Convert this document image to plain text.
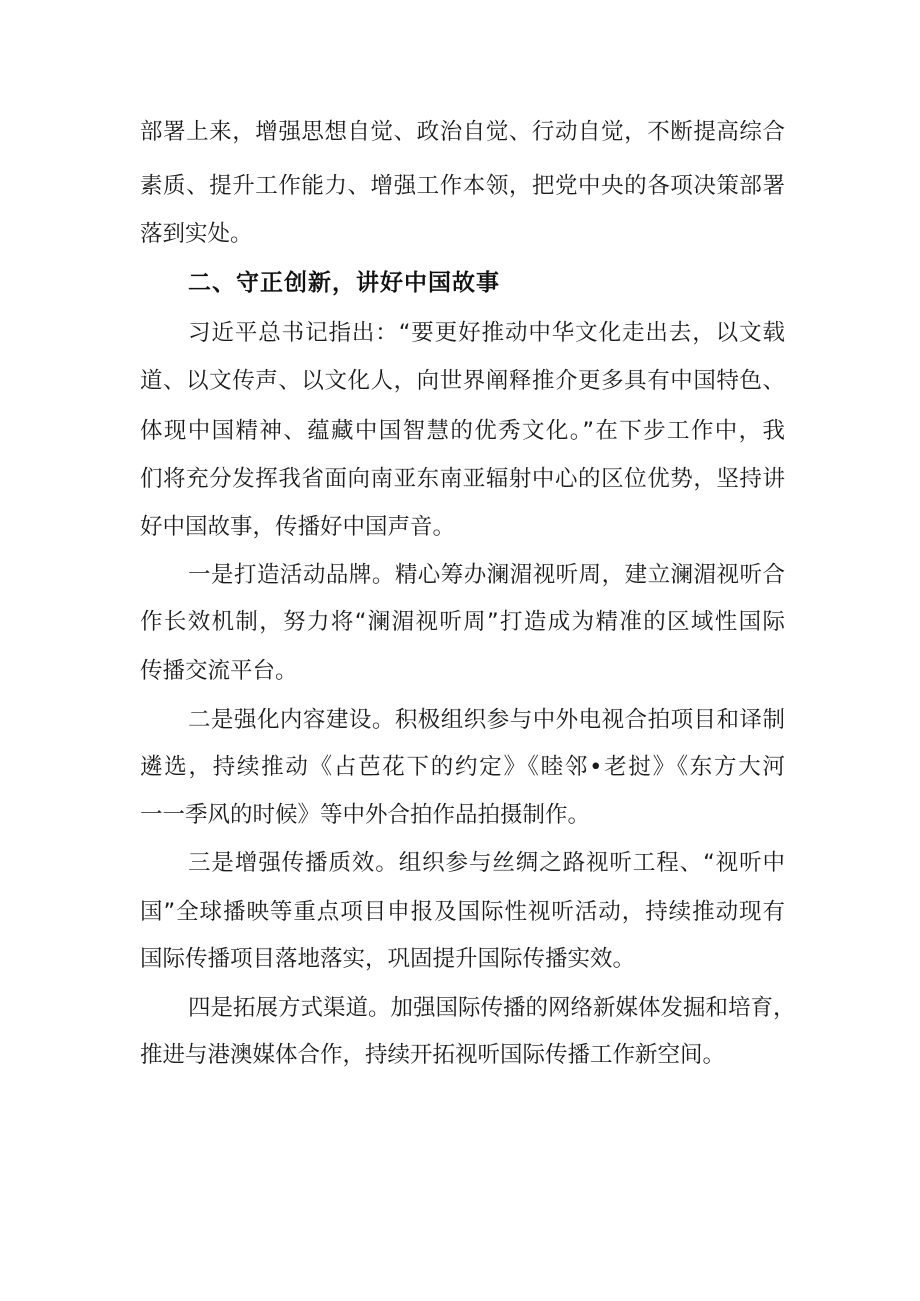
部署上来，增强思想自觉、政治自觉、行动自觉，不断提高综合
素质、提升工作能力、增强工作本领，把党中央的各项决策部署
落到实处。
二、守正创新，讲好中国故事
习近平总书记指出：“要更好推动中华文化走出去，以文载
道、以文传声、以文化人，向世界阐释推介更多具有中国特色、
体现中国精神、蕴藏中国智慧的优秀文化。”在下步工作中，我
们将充分发挥我省面向南亚东南亚辐射中心的区位优势，坚持讲
好中国故事，传播好中国声音。
一是打造活动品牌。精心筹办澜湄视听周，建立澜湄视听合
作长效机制，努力将“澜湄视听周”打造成为精准的区域性国际
传播交流平台。
二是强化内容建设。积极组织参与中外电视合拍项目和译制
遴选，持续推动《占芭花下的约定》《睦邻•老挝》《东方大河
一一季风的时候》等中外合拍作品拍摄制作。
三是增强传播质效。组织参与丝绸之路视听工程、“视听中
国”全球播映等重点项目申报及国际性视听活动，持续推动现有
国际传播项目落地落实，巩固提升国际传播实效。
四是拓展方式渠道。加强国际传播的网络新媒体发掘和培育，
推进与港澳媒体合作，持续开拓视听国际传播工作新空间。
